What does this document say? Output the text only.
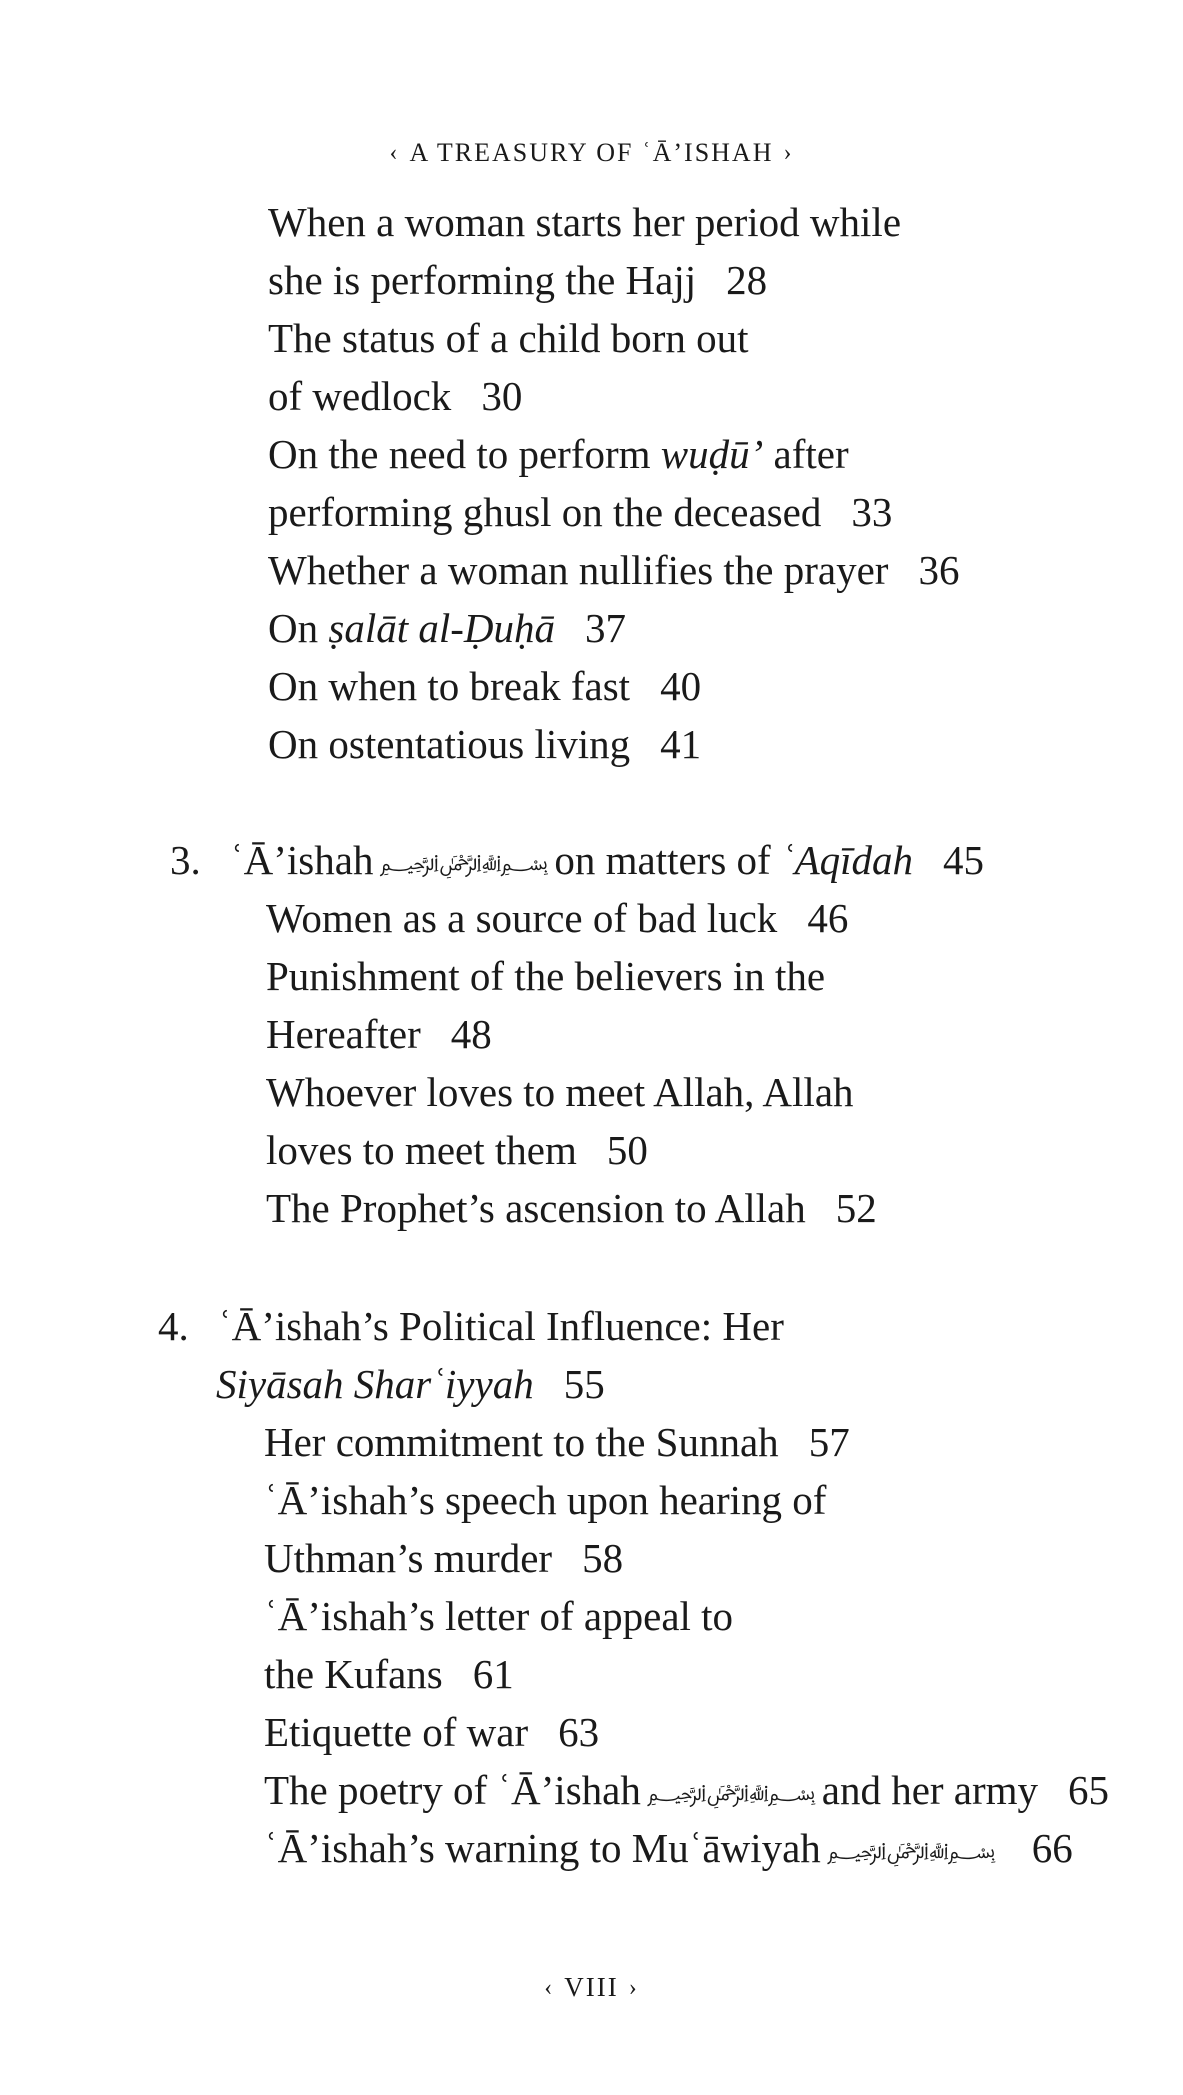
‹ A TREASURY OF ʿĀ’ISHAH ›
When a woman starts her period while
she is performing the Hajj 28
The status of a child born out
of wedlock 30
On the need to perform wuḍū’ after
performing ghusl on the deceased 33
Whether a woman nullifies the prayer 36
On ṣalāt al-Ḍuḥā 37
On when to break fast 40
On ostentatious living 41
3. ʿĀ’ishah ﷽ on matters of ʿAqīdah 45
Women as a source of bad luck 46
Punishment of the believers in the
Hereafter 48
Whoever loves to meet Allah, Allah
loves to meet them 50
The Prophet’s ascension to Allah 52
4. ʿĀ’ishah’s Political Influence: Her
Siyāsah Sharʿiyyah 55
Her commitment to the Sunnah 57
ʿĀ’ishah’s speech upon hearing of
Uthman’s murder 58
ʿĀ’ishah’s letter of appeal to
the Kufans 61
Etiquette of war 63
The poetry of ʿĀ’ishah ﷽ and her army 65
ʿĀ’ishah’s warning to Muʿāwiyah ﷽ 66
‹ VIII ›
